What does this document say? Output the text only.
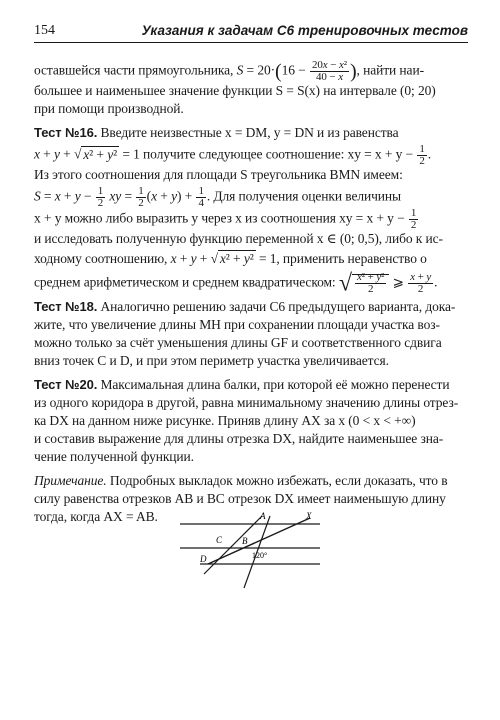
154	Указания к задачам С6 тренировочных тестов
оставшейся части прямоугольника, $S = 20\cdot(16 - \frac{\text{20x − x²}}{40 - x}$ ), найти наи-
большее и наименьшее значение функции S = S(x) на интервале (0; 20)
при помощи производной.
Тест №16. Введите неизвестные x = DM, y = DN и из равенства
x + y + √ x² + y² = 1 получите следующее соотношение: xy = $x + y - \frac{1}{2}$ .
Из этого соотношения для площади S треугольника BMN имеем:
$S = x + y - \frac{1}{2}$ xy = $\frac{1}{2} (x + y) + \frac{1}{4}$ . Для получения оценки величины
x + y можно либо выразить y через x из соотношения xy = $x + y - \frac{1}{2}$
и исследовать полученную функцию переменной x ∈ (0; 0,5), либо к ис-
ходному соотношению, x + y + √ x² + y² = 1, применить неравенство о
среднем арифметическом и среднем квадратическом: √ $\frac{\text{x² + y²}}{2}$ ⩾ $\frac{x + y}{2}$ .
Тест №18. Аналогично решению задачи С6 предыдущего варианта, дока-
жите, что увеличение длины MH при сохранении площади участка воз-
можно только за счёт уменьшения длины GF и соответственного сдвига
вниз точек C и D, и при этом периметр участка увеличивается.
Тест №20. Максимальная длина балки, при которой её можно перенести
из одного коридора в другой, равна минимальному значению длины отрез-
ка DX на данном ниже рисунке. Приняв длину AX за x (0 < x < +∞)
и составив выражение для длины отрезка DX, найдите наименьшее зна-
чение полученной функции.
Примечание. Подробных выкладок можно избежать, если доказать, что в
силу равенства отрезков AB и BC отрезок DX имеет наименьшую длину
тогда, когда AX = AB.	A	X
C B
D	120°
